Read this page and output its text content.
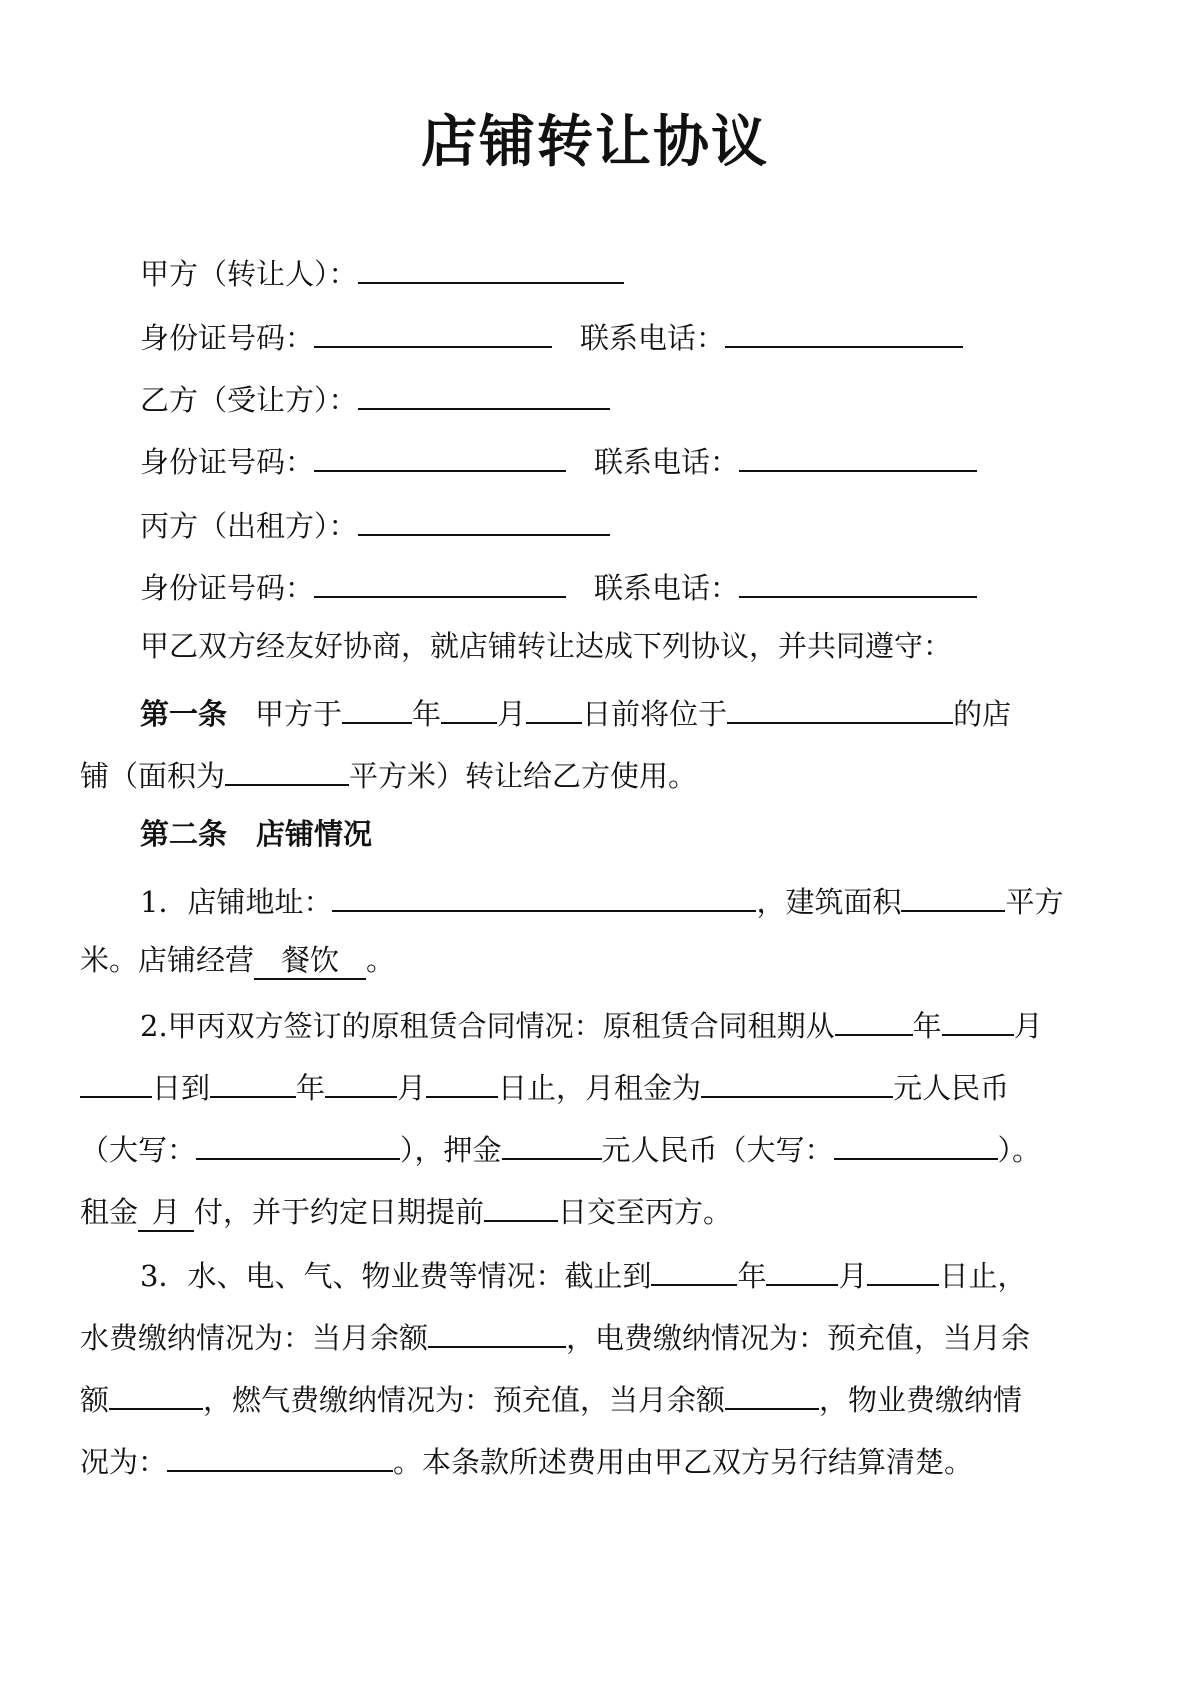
店铺转让协议
甲方（转让人）：
身份证号码：	联系电话：
乙方（受让方）：
身份证号码：	联系电话：
丙方（出租方）：
身份证号码：	联系电话：
甲乙双方经友好协商，就店铺转让达成下列协议，并共同遵守：
第一条 甲方于 年 月 日前将位于	的店
铺（面积为	平方米）转让给乙方使用。
第二条　店铺情况
1．店铺地址：	，建筑面积	平方
米。店铺经营 餐饮 。
2.甲丙双方签订的原租赁合同情况：原租赁合同租期从	年 月
日到	年 月 日止，月租金为	元人民币
（大写：	），押金	元人民币（大写：	）。
租金 月 付，并于约定日期提前	日交至丙方。
3．水、电、气、物业费等情况：截止到	年 月 日止，
水费缴纳情况为：当月余额	，电费缴纳情况为：预充值，当月余
额	，燃气费缴纳情况为：预充值，当月余额	，物业费缴纳情
况为：	。本条款所述费用由甲乙双方另行结算清楚。
